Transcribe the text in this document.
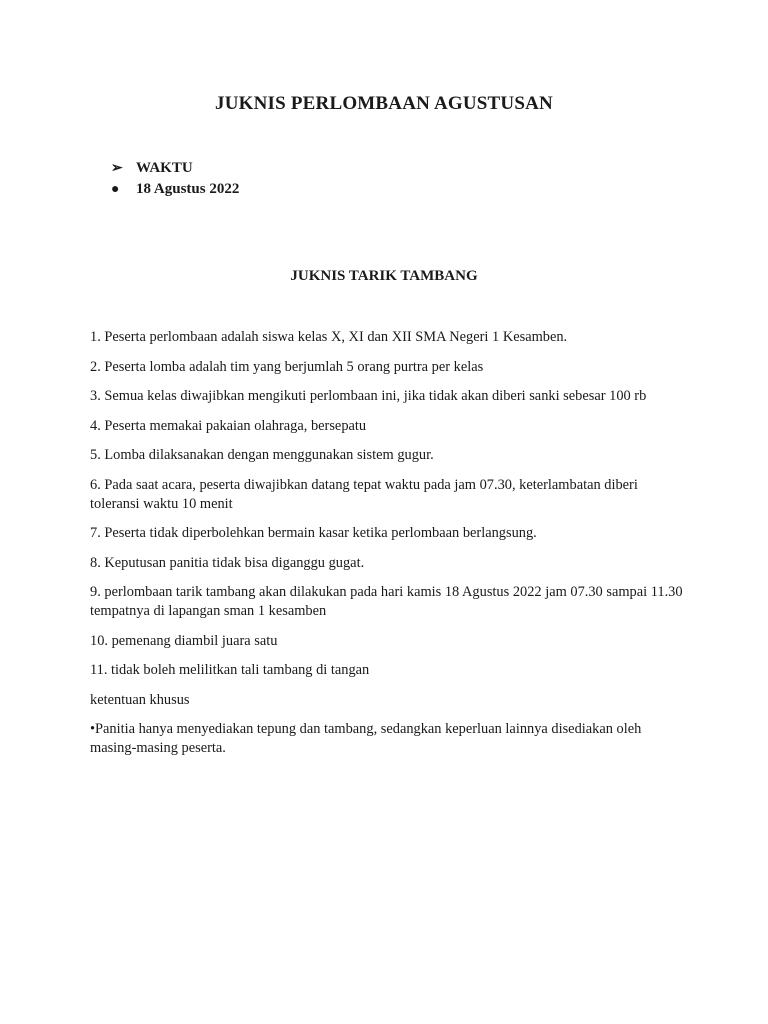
JUKNIS PERLOMBAAN AGUSTUSAN
➢ WAKTU
●	18 Agustus 2022
JUKNIS TARIK TAMBANG
1. Peserta perlombaan adalah siswa kelas X, XI dan XII SMA Negeri 1 Kesamben.
2. Peserta lomba adalah tim yang berjumlah 5 orang purtra per kelas
3. Semua kelas diwajibkan mengikuti perlombaan ini, jika tidak akan diberi sanki sebesar 100 rb
4. Peserta memakai pakaian olahraga, bersepatu
5. Lomba dilaksanakan dengan menggunakan sistem gugur.
6. Pada saat acara, peserta diwajibkan datang tepat waktu pada jam 07.30, keterlambatan diberi toleransi waktu 10 menit
7. Peserta tidak diperbolehkan bermain kasar ketika perlombaan berlangsung.
8. Keputusan panitia tidak bisa diganggu gugat.
9. perlombaan tarik tambang akan dilakukan pada hari kamis 18 Agustus 2022 jam 07.30 sampai 11.30 tempatnya di lapangan sman 1 kesamben
10. pemenang diambil juara satu
11. tidak boleh melilitkan tali tambang di tangan
ketentuan khusus
•Panitia hanya menyediakan tepung dan tambang, sedangkan keperluan lainnya disediakan oleh masing-masing peserta.
